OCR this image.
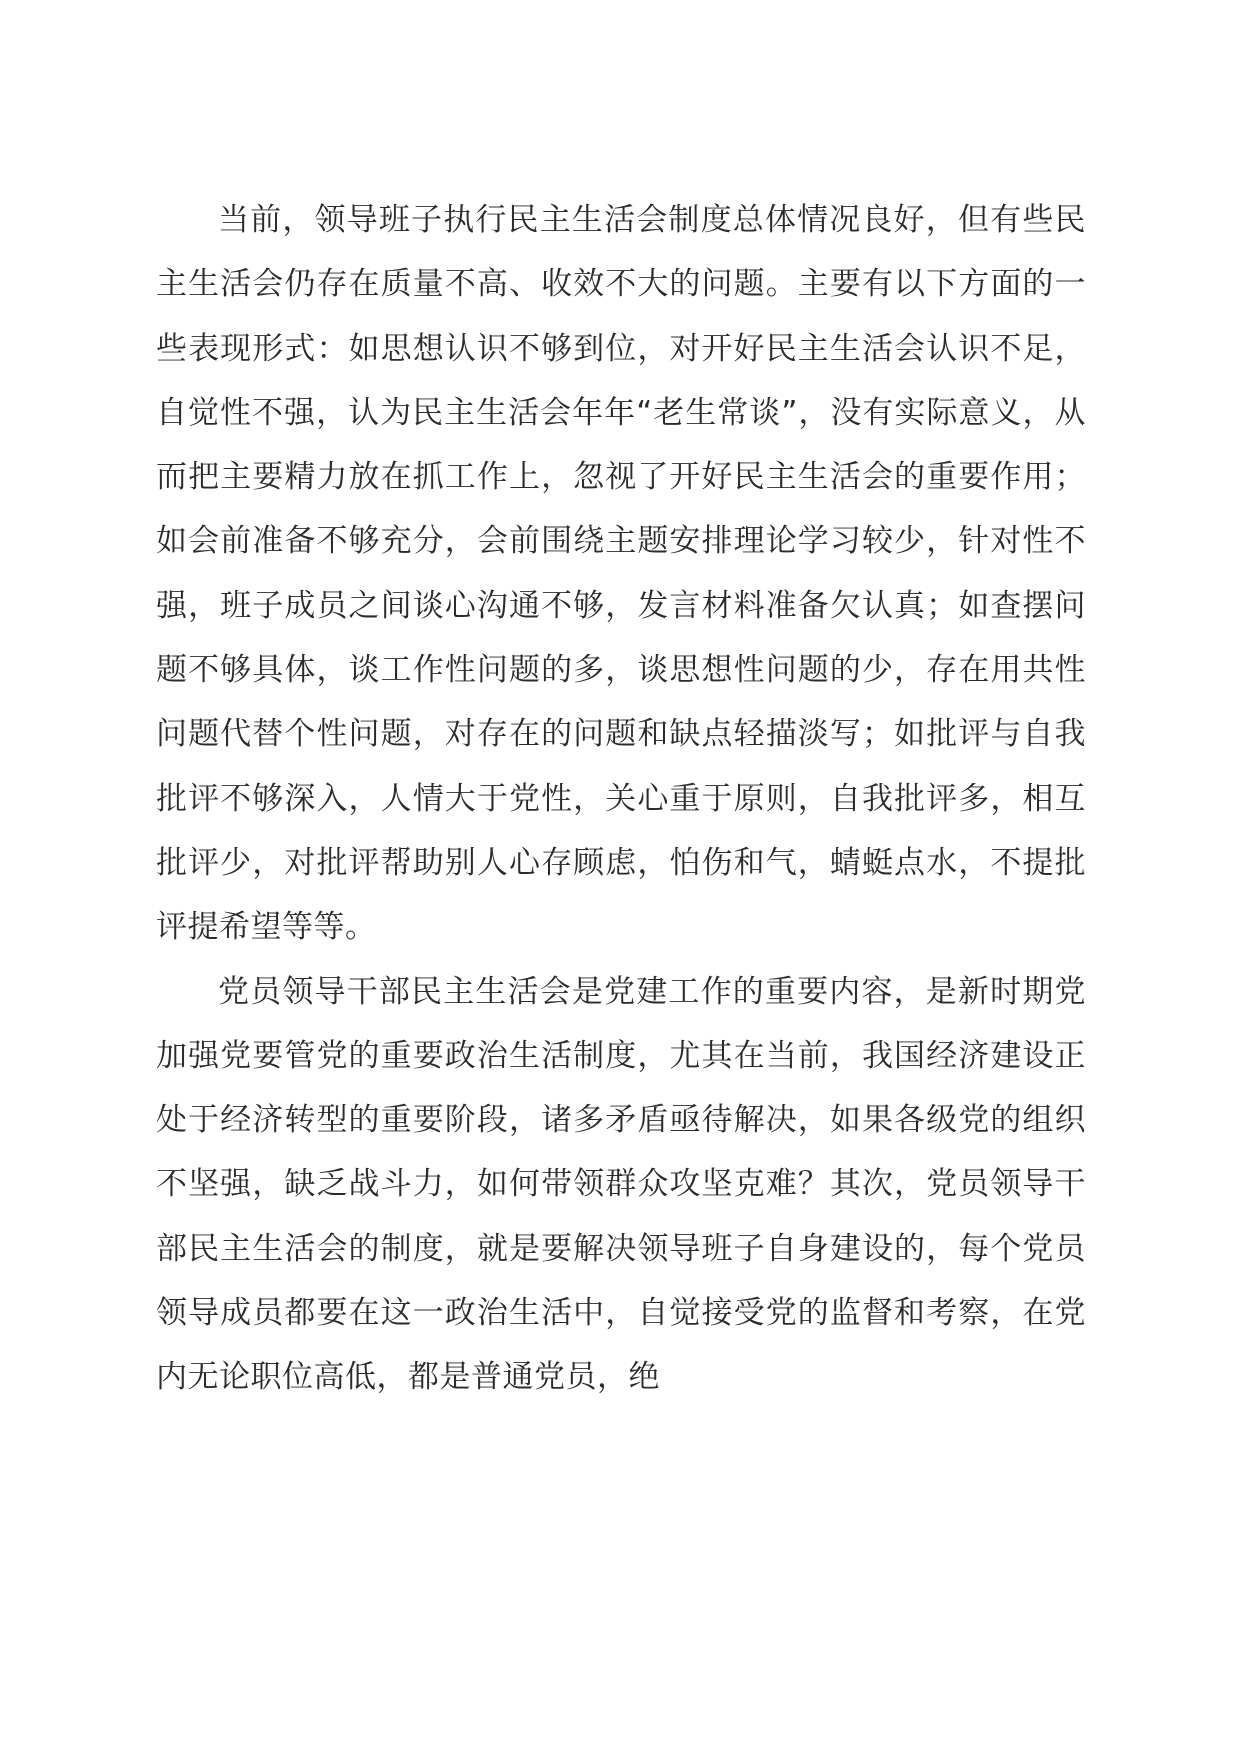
当前，领导班子执行民主生活会制度总体情况良好，但有些民主生活会仍存在质量不高、收效不大的问题。主要有以下方面的一些表现形式：如思想认识不够到位，对开好民主生活会认识不足，自觉性不强，认为民主生活会年年“老生常谈”，没有实际意义，从而把主要精力放在抓工作上，忽视了开好民主生活会的重要作用；如会前准备不够充分，会前围绕主题安排理论学习较少，针对性不强，班子成员之间谈心沟通不够，发言材料准备欠认真；如查摆问题不够具体，谈工作性问题的多，谈思想性问题的少，存在用共性问题代替个性问题，对存在的问题和缺点轻描淡写；如批评与自我批评不够深入，人情大于党性，关心重于原则，自我批评多，相互批评少，对批评帮助别人心存顾虑，怕伤和气，蜻蜓点水，不提批评提希望等等。

党员领导干部民主生活会是党建工作的重要内容，是新时期党加强党要管党的重要政治生活制度，尤其在当前，我国经济建设正处于经济转型的重要阶段，诸多矛盾亟待解决，如果各级党的组织不坚强，缺乏战斗力，如何带领群众攻坚克难？其次，党员领导干部民主生活会的制度，就是要解决领导班子自身建设的，每个党员领导成员都要在这一政治生活中，自觉接受党的监督和考察，在党内无论职位高低，都是普通党员，绝
